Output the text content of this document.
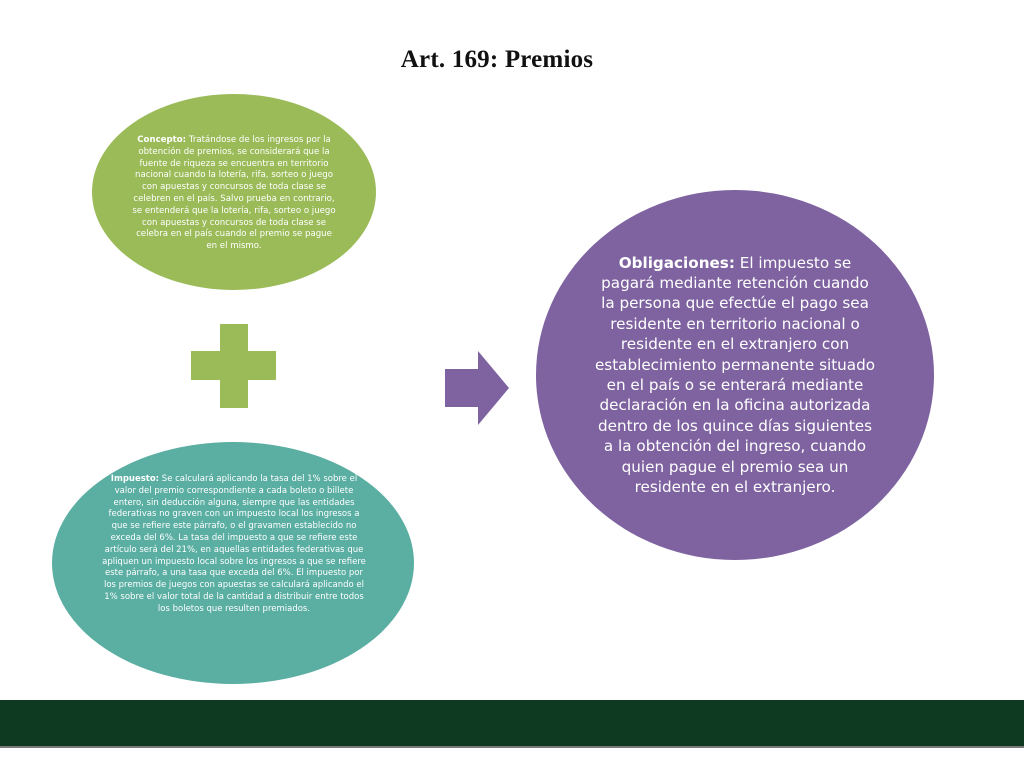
Art. 169: Premios
Concepto: Tratándose de los ingresos por la obtención de premios, se considerará que la fuente de riqueza se encuentra en territorio nacional cuando la lotería, rifa, sorteo o juego con apuestas y concursos de toda clase se celebren en el país. Salvo prueba en contrario, se entenderá que la lotería, rifa, sorteo o juego con apuestas y concursos de toda clase se celebra en el país cuando el premio se pague en el mismo.
Impuesto: Se calculará aplicando la tasa del 1% sobre el valor del premio correspondiente a cada boleto o billete entero, sin deducción alguna, siempre que las entidades federativas no graven con un impuesto local los ingresos a que se refiere este párrafo, o el gravamen establecido no exceda del 6%. La tasa del impuesto a que se refiere este artículo será del 21%, en aquellas entidades federativas que apliquen un impuesto local sobre los ingresos a que se refiere este párrafo, a una tasa que exceda del 6%. El impuesto por los premios de juegos con apuestas se calculará aplicando el 1% sobre el valor total de la cantidad a distribuir entre todos los boletos que resulten premiados.
Obligaciones: El impuesto se pagará mediante retención cuando la persona que efectúe el pago sea residente en territorio nacional o residente en el extranjero con establecimiento permanente situado en el país o se enterará mediante declaración en la oficina autorizada dentro de los quince días siguientes a la obtención del ingreso, cuando quien pague el premio sea un residente en el extranjero.
